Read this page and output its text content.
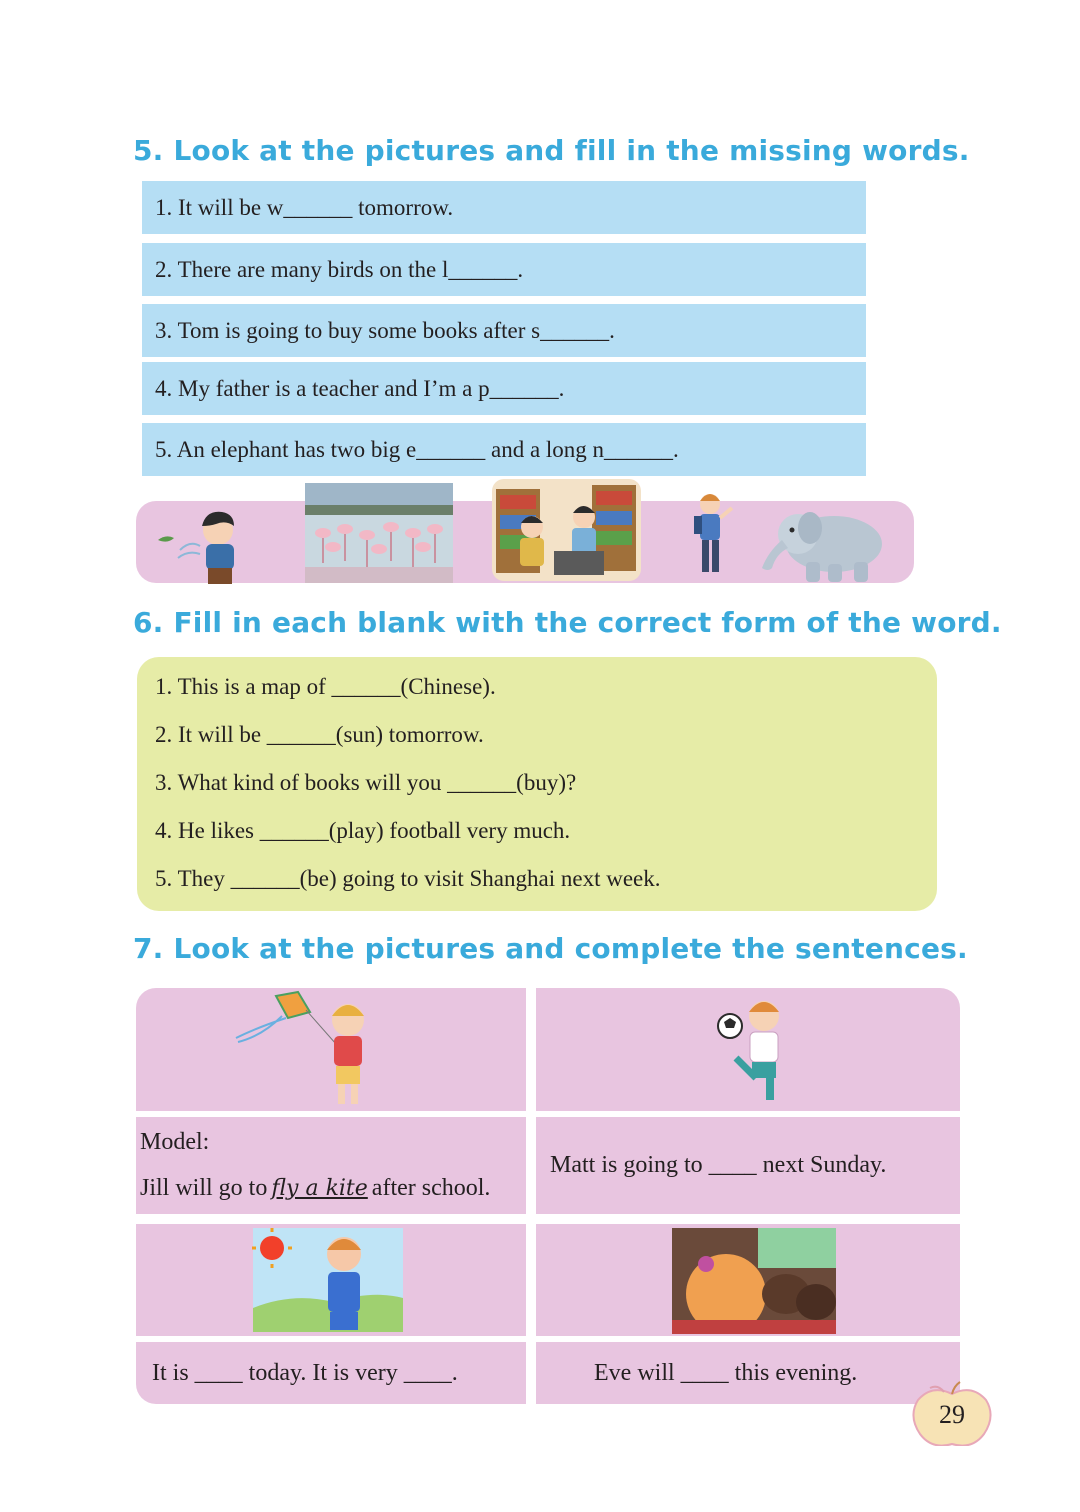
5. Look at the pictures and fill in the missing words.
1. It will be w______ tomorrow.
2. There are many birds on the l______.
3. Tom is going to buy some books after s______.
4. My father is a teacher and I’m a p______.
5. An elephant has two big e______ and a long n______.
6. Fill in each blank with the correct form of the word.
1. This is a map of ______(Chinese).
2. It will be ______(sun) tomorrow.
3. What kind of books will you ______(buy)?
4. He likes ______(play) football very much.
5. They ______(be) going to visit Shanghai next week.
7. Look at the pictures and complete the sentences.
Model:
Jill will go to fly a kite after school.
Matt is going to ____ next Sunday.
It is ____ today. It is very ____.	Eve will ____ this evening.
29
